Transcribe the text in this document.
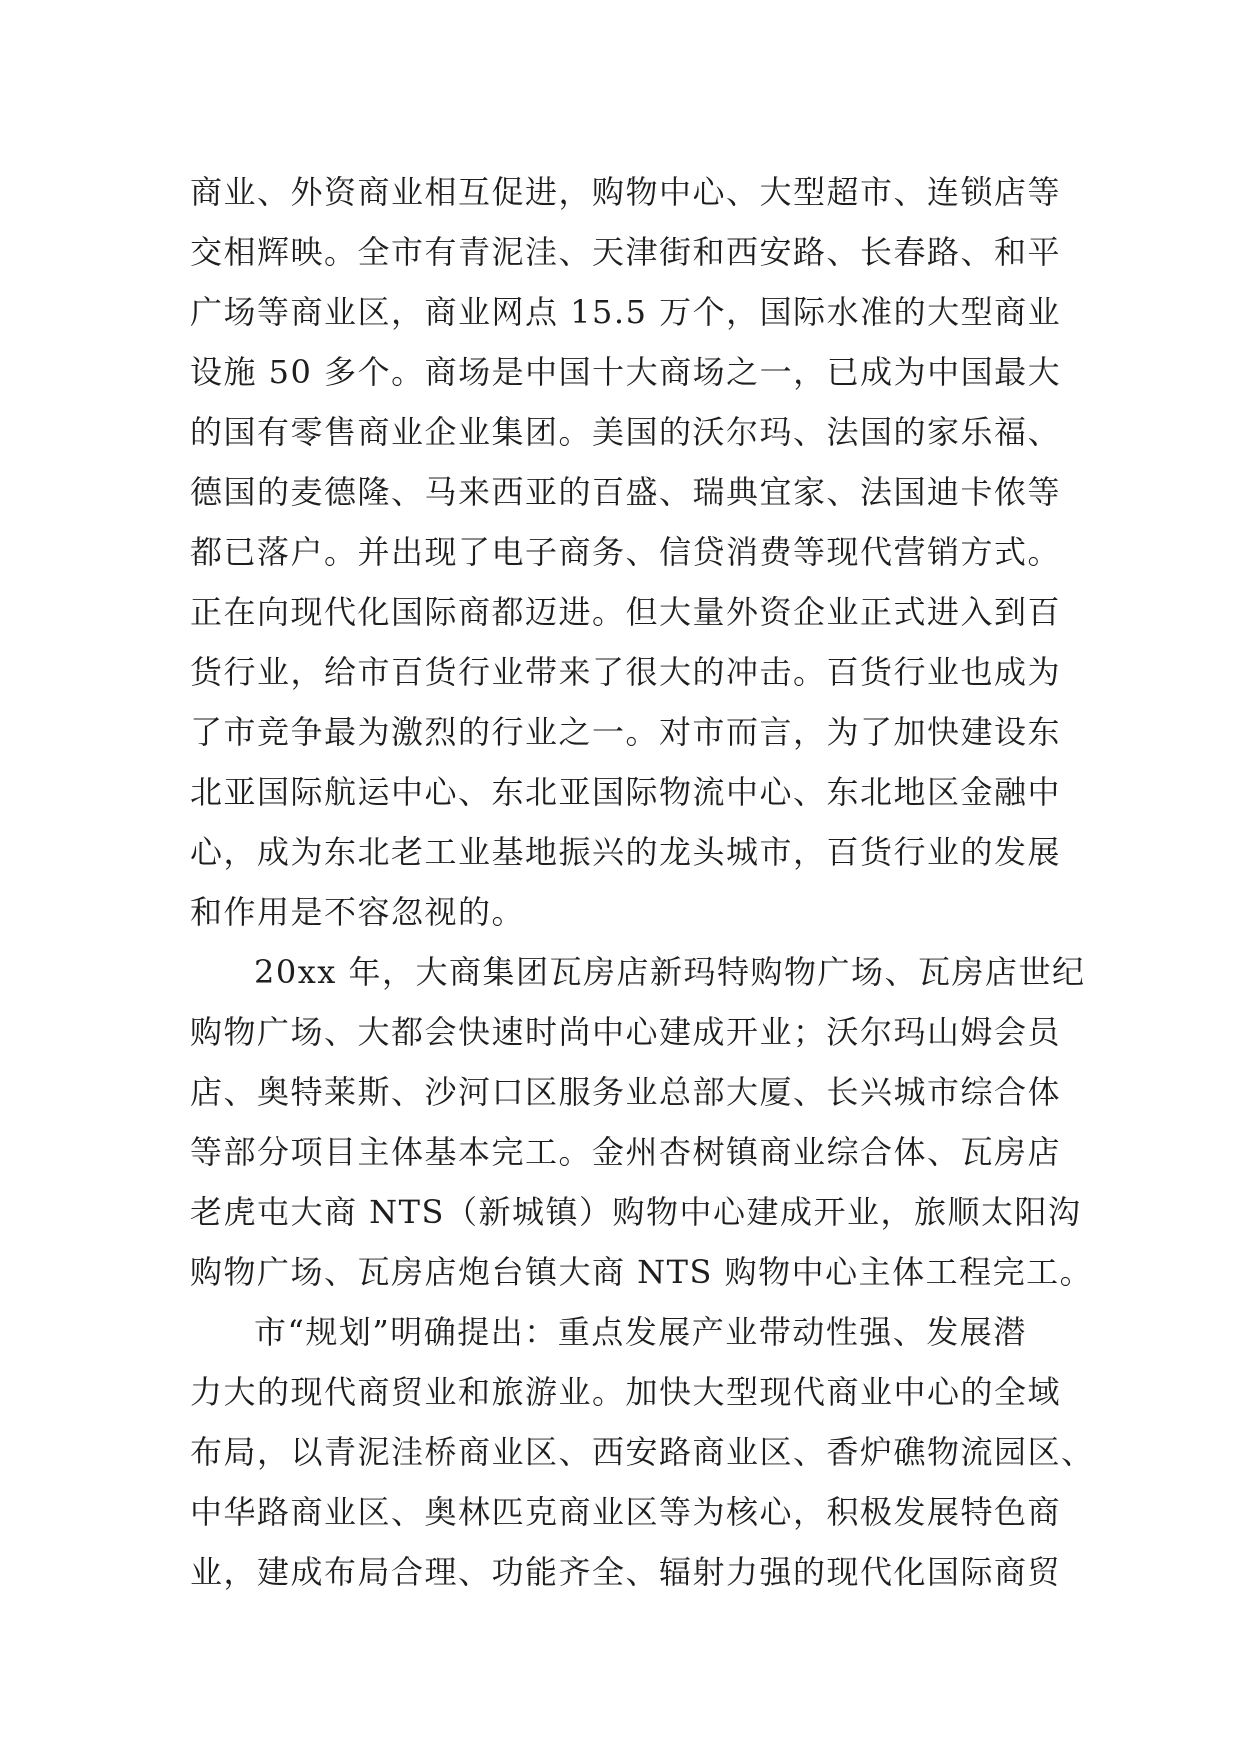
商业、外资商业相互促进，购物中心、大型超市、连锁店等
交相辉映。全市有青泥洼、天津街和西安路、长春路、和平
广场等商业区，商业网点 15.5 万个，国际水准的大型商业
设施 50 多个。商场是中国十大商场之一，已成为中国最大
的国有零售商业企业集团。美国的沃尔玛、法国的家乐福、
德国的麦德隆、马来西亚的百盛、瑞典宜家、法国迪卡侬等
都已落户。并出现了电子商务、信贷消费等现代营销方式。
正在向现代化国际商都迈进。但大量外资企业正式进入到百
货行业，给市百货行业带来了很大的冲击。百货行业也成为
了市竞争最为激烈的行业之一。对市而言，为了加快建设东
北亚国际航运中心、东北亚国际物流中心、东北地区金融中
心，成为东北老工业基地振兴的龙头城市，百货行业的发展
和作用是不容忽视的。
20xx 年，大商集团瓦房店新玛特购物广场、瓦房店世纪
购物广场、大都会快速时尚中心建成开业；沃尔玛山姆会员
店、奥特莱斯、沙河口区服务业总部大厦、长兴城市综合体
等部分项目主体基本完工。金州杏树镇商业综合体、瓦房店
老虎屯大商 NTS（新城镇）购物中心建成开业，旅顺太阳沟
购物广场、瓦房店炮台镇大商 NTS 购物中心主体工程完工。
市“规划”明确提出：重点发展产业带动性强、发展潜
力大的现代商贸业和旅游业。加快大型现代商业中心的全域
布局，以青泥洼桥商业区、西安路商业区、香炉礁物流园区、
中华路商业区、奥林匹克商业区等为核心，积极发展特色商
业，建成布局合理、功能齐全、辐射力强的现代化国际商贸
